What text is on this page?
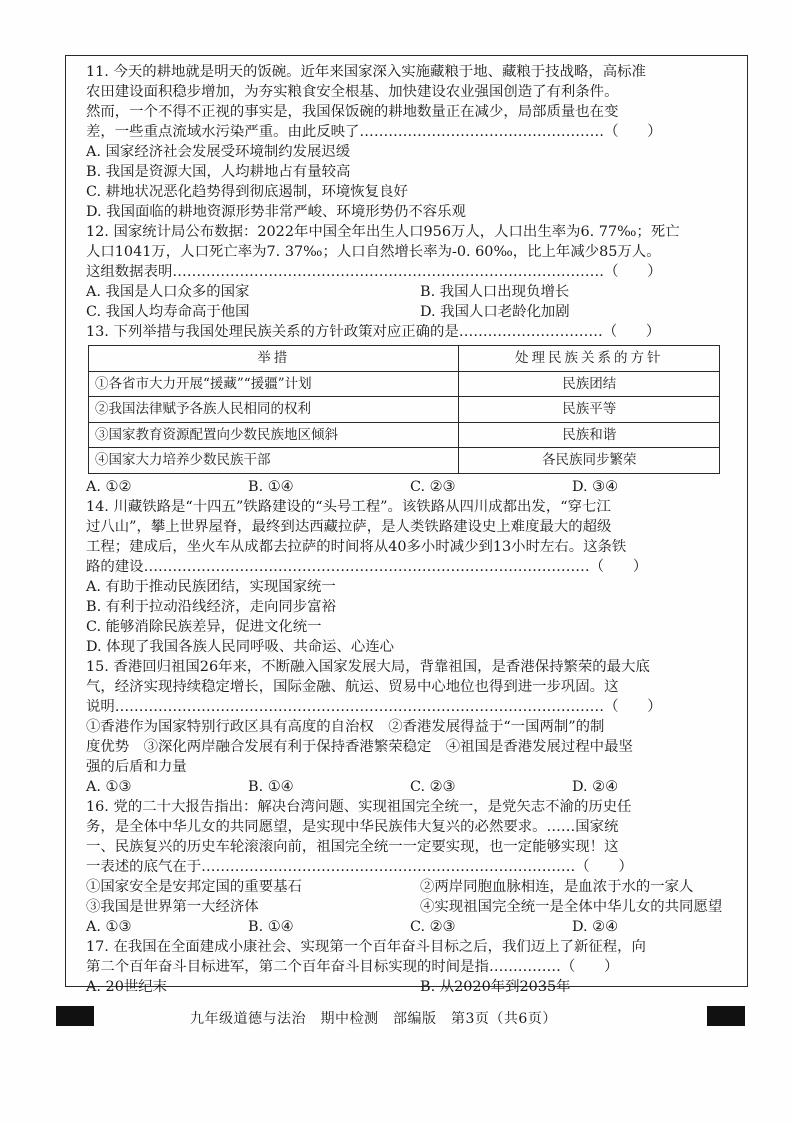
11. 今天的耕地就是明天的饭碗。近年来国家深入实施藏粮于地、藏粮于技战略，高标准
农田建设面积稳步增加，为夯实粮食安全根基、加快建设农业强国创造了有利条件。
然而，一个不得不正视的事实是，我国保饭碗的耕地数量正在减少，局部质量也在变
差，一些重点流域水污染严重。由此反映了……………………………………………（　　）
A. 国家经济社会发展受环境制约发展迟缓
B. 我国是资源大国，人均耕地占有量较高
C. 耕地状况恶化趋势得到彻底遏制，环境恢复良好
D. 我国面临的耕地资源形势非常严峻、环境形势仍不容乐观
12. 国家统计局公布数据：2022年中国全年出生人口956万人，人口出生率为6. 77‰；死亡
人口1041万，人口死亡率为7. 37‰；人口自然增长率为-0. 60‰，比上年减少85万人。
这组数据表明………………………………………………………………………………（　　）
A. 我国是人口众多的国家	B. 我国人口出现负增长
C. 我国人均寿命高于他国	D. 我国人口老龄化加剧
13. 下列举措与我国处理民族关系的方针政策对应正确的是…………………………（　　）
举措	处理民族关系的方针
①各省市大力开展“援藏”“援疆”计划	民族团结
②我国法律赋予各族人民相同的权利	民族平等
③国家教育资源配置向少数民族地区倾斜	民族和谐
④国家大力培养少数民族干部	各民族同步繁荣
A. ①②	B. ①④	C. ②③	D. ③④
14. 川藏铁路是“十四五”铁路建设的“头号工程”。该铁路从四川成都出发，“穿七江
过八山”，攀上世界屋脊，最终到达西藏拉萨，是人类铁路建设史上难度最大的超级
工程；建成后，坐火车从成都去拉萨的时间将从40多小时减少到13小时左右。这条铁
路的建设…………………………………………………………………………………（　　）
A. 有助于推动民族团结，实现国家统一
B. 有利于拉动沿线经济，走向同步富裕
C. 能够消除民族差异，促进文化统一
D. 体现了我国各族人民同呼吸、共命运、心连心
15. 香港回归祖国26年来，不断融入国家发展大局，背靠祖国，是香港保持繁荣的最大底
气，经济实现持续稳定增长，国际金融、航运、贸易中心地位也得到进一步巩固。这
说明…………………………………………………………………………………………（　　）
①香港作为国家特别行政区具有高度的自治权　②香港发展得益于“一国两制”的制
度优势　③深化两岸融合发展有利于保持香港繁荣稳定　④祖国是香港发展过程中最坚
强的后盾和力量
A. ①③	B. ①④	C. ②③	D. ②④
16. 党的二十大报告指出：解决台湾问题、实现祖国完全统一，是党矢志不渝的历史任
务，是全体中华儿女的共同愿望，是实现中华民族伟大复兴的必然要求。……国家统
一、民族复兴的历史车轮滚滚向前，祖国完全统一一定要实现，也一定能够实现！这
一表述的底气在于……………………………………………………………………（　　）
①国家安全是安邦定国的重要基石	②两岸同胞血脉相连，是血浓于水的一家人
③我国是世界第一大经济体	④实现祖国完全统一是全体中华儿女的共同愿望
A. ①③	B. ①④	C. ②③	D. ②④
17. 在我国在全面建成小康社会、实现第一个百年奋斗目标之后，我们迈上了新征程，向
第二个百年奋斗目标进军，第二个百年奋斗目标实现的时间是指……………（　　）
A. 20世纪末	B. 从2020年到2035年
九年级道德与法治　期中检测　部编版　第3页（共6页）
